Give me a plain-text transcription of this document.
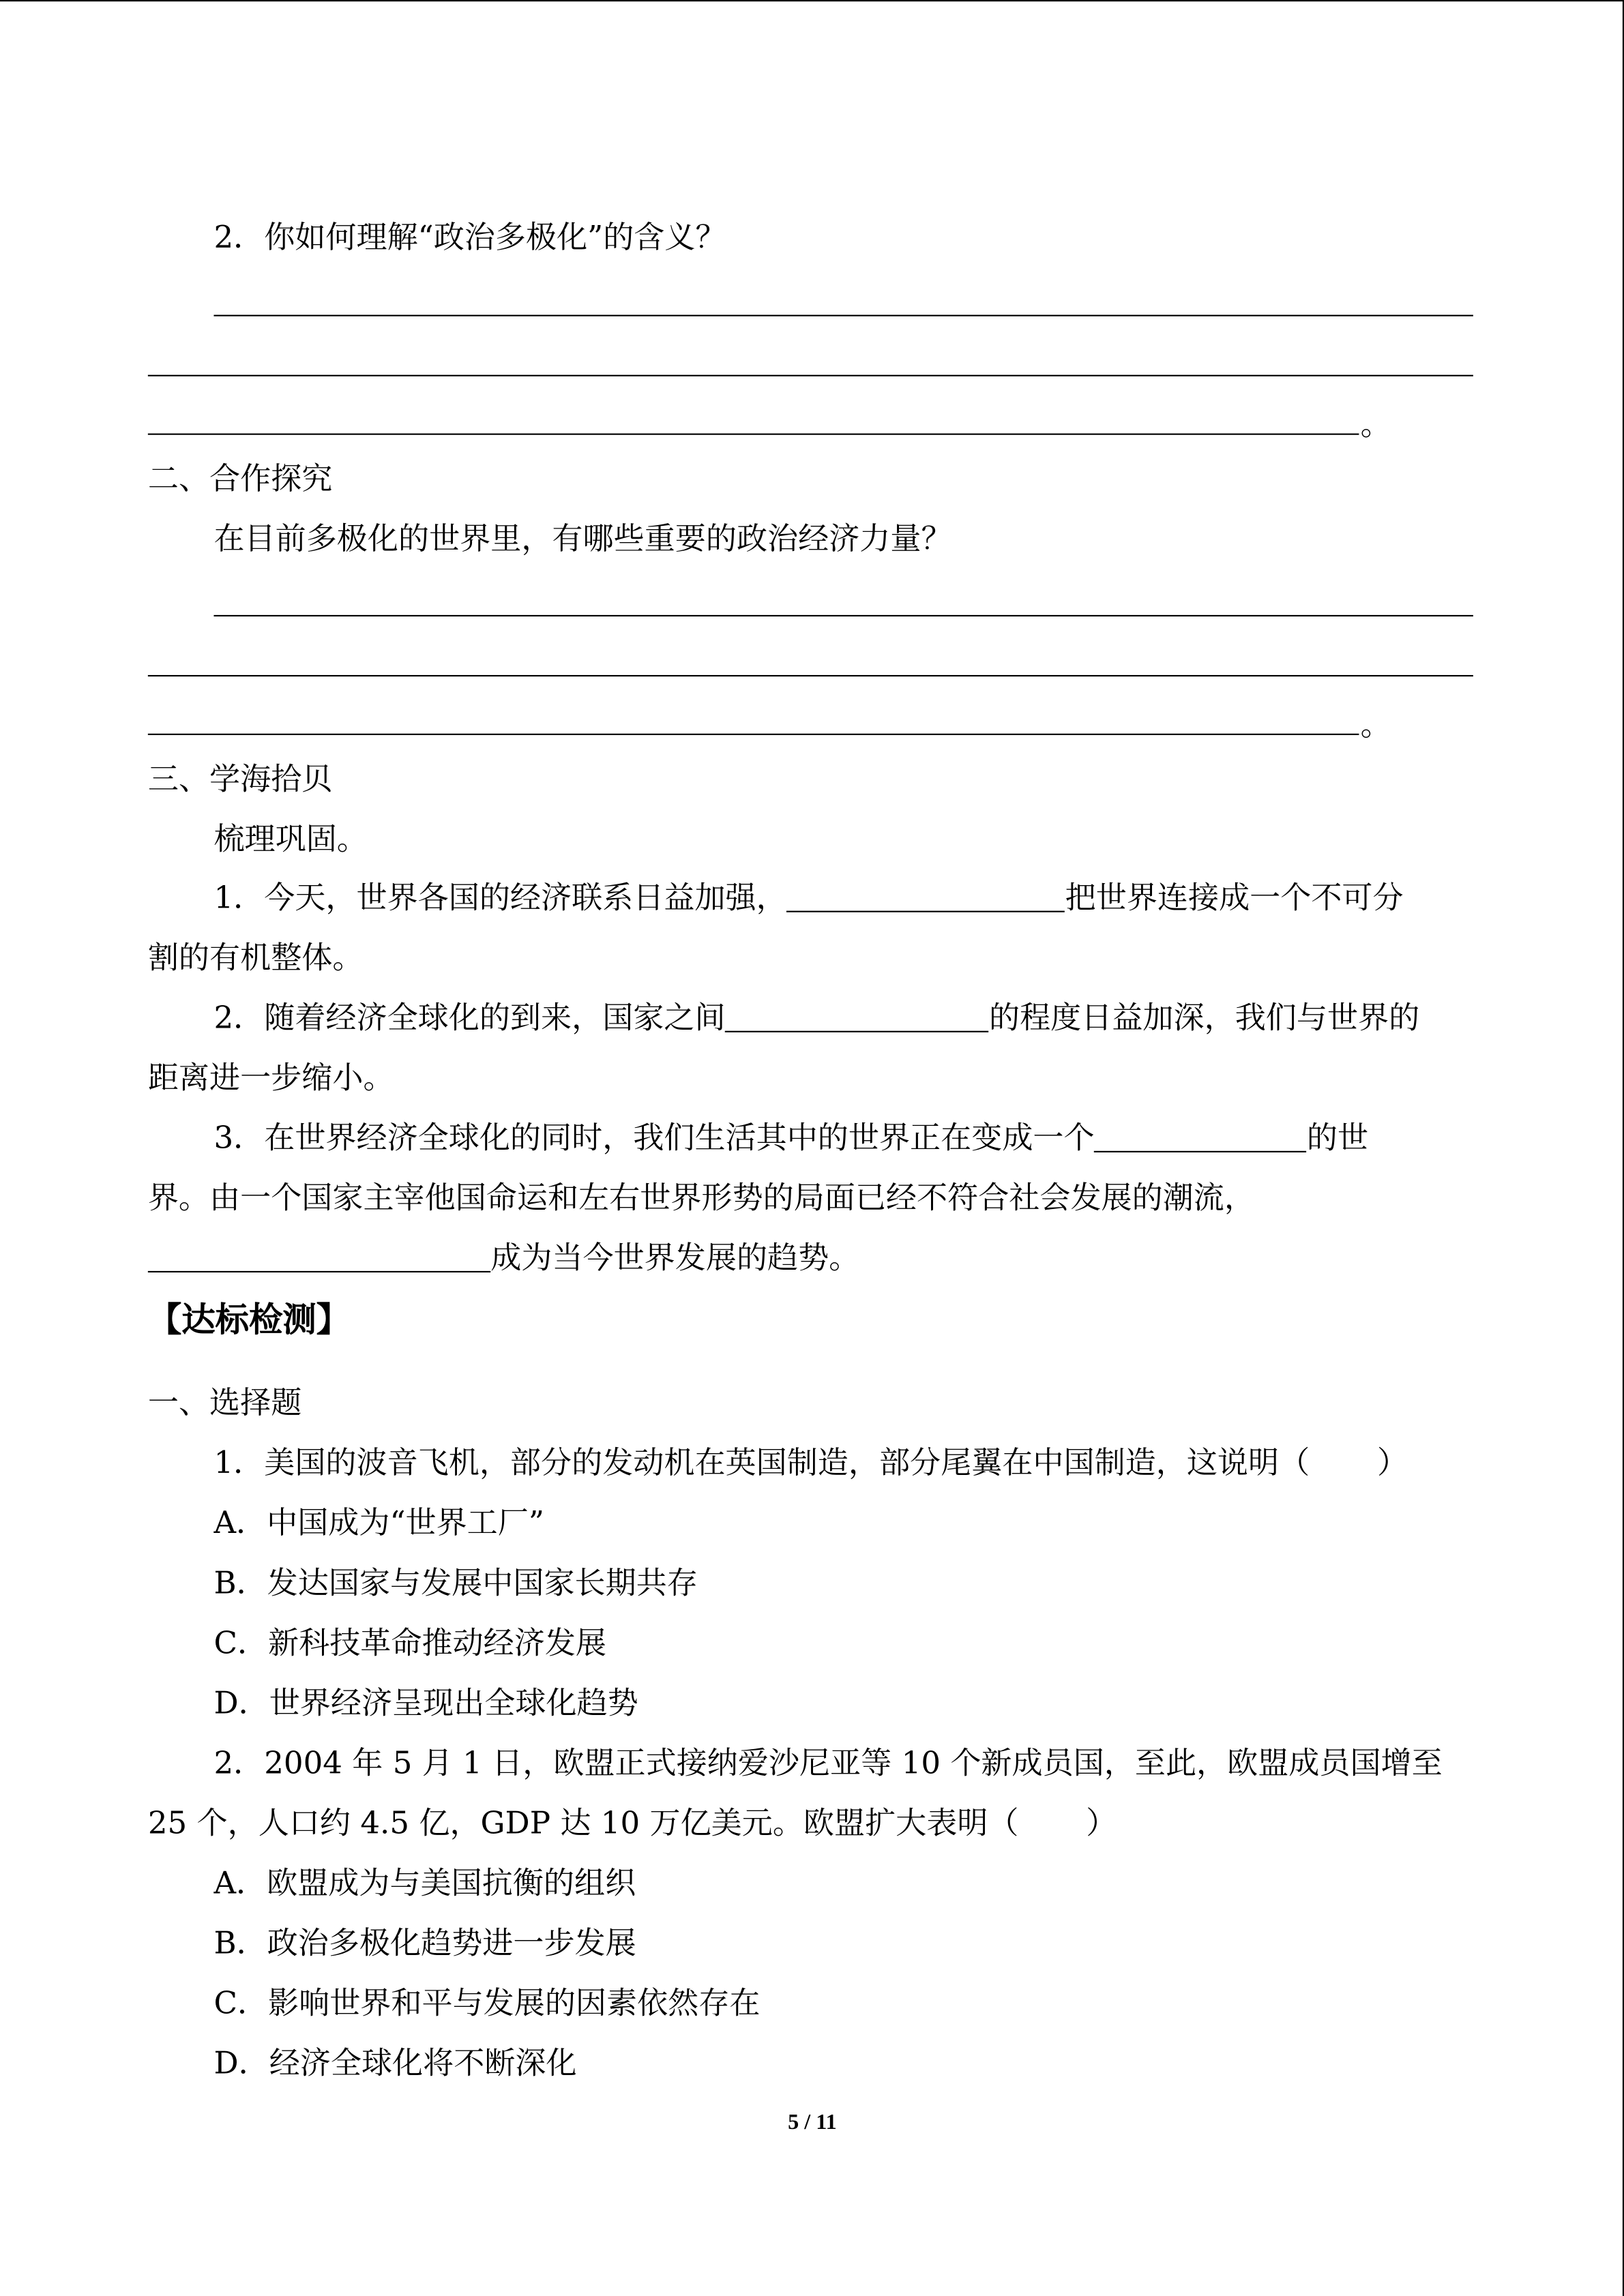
2．你如何理解“政治多极化”的含义？
。
二、合作探究
在目前多极化的世界里，有哪些重要的政治经济力量？
。
三、学海拾贝
梳理巩固。
1．今天，世界各国的经济联系日益加强，	把世界连接成一个不可分
割的有机整体。
2．随着经济全球化的到来，国家之间	的程度日益加深，我们与世界的
距离进一步缩小。
3．在世界经济全球化的同时，我们生活其中的世界正在变成一个	的世
界。由一个国家主宰他国命运和左右世界形势的局面已经不符合社会发展的潮流，
成为当今世界发展的趋势。
【达标检测】
一、选择题
1．美国的波音飞机，部分的发动机在英国制造，部分尾翼在中国制造，这说明（	）
A．中国成为“世界工厂”
B．发达国家与发展中国家长期共存
C．新科技革命推动经济发展
D．世界经济呈现出全球化趋势
2．2004 年 5 月 1 日，欧盟正式接纳爱沙尼亚等 10 个新成员国，至此，欧盟成员国增至
25 个，人口约 4.5 亿，GDP 达 10 万亿美元。欧盟扩大表明（	）
A．欧盟成为与美国抗衡的组织
B．政治多极化趋势进一步发展
C．影响世界和平与发展的因素依然存在
D．经济全球化将不断深化
5 / 11
